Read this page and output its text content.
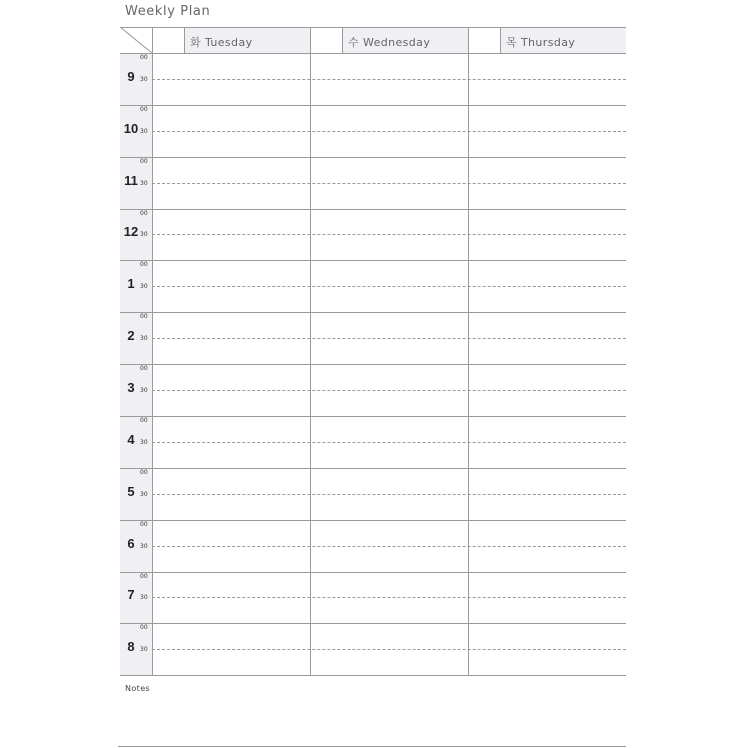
Weekly Plan
화 Tuesday	수 Wednesday	목 Thursday
00
30
9
00
30
10
00
30
11
00
30
12
00
30
1
00
30
2
00
30
3
00
30
4
00
30
5
00
30
6
00
30
7
00
30
8
Notes
